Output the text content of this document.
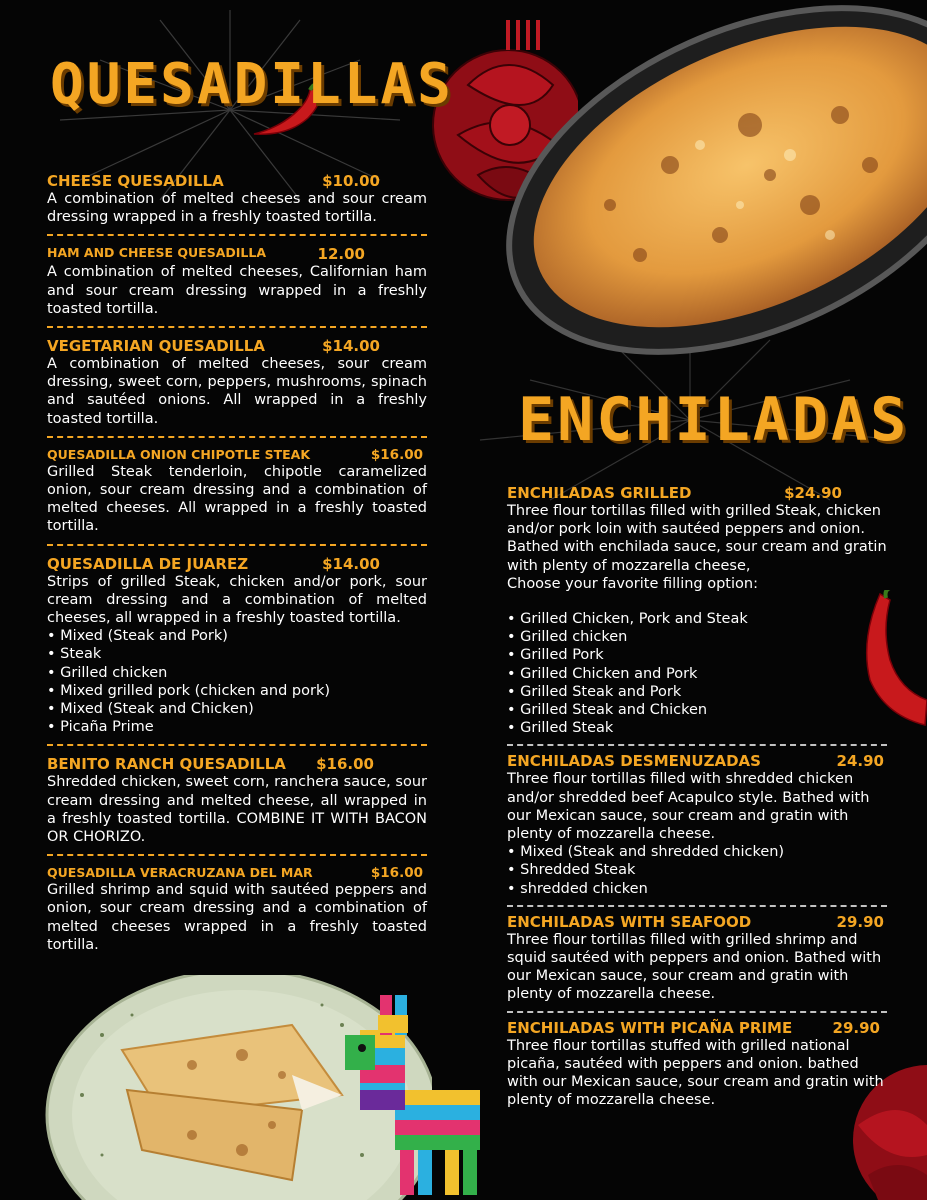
QUESADILLAS
ENCHILADAS
CHEESE QUESADILLA	$10.00
A combination of melted cheeses and sour cream dressing wrapped in a freshly toasted tortilla.
HAM AND CHEESE QUESADILLA	12.00
A combination of melted cheeses, Californian ham and sour cream dressing wrapped in a freshly toasted tortilla.
VEGETARIAN QUESADILLA	$14.00
A combination of melted cheeses, sour cream dressing, sweet corn, peppers, mushrooms, spinach and sautéed onions. All wrapped in a freshly toasted tortilla.
QUESADILLA ONION CHIPOTLE STEAK	$16.00
Grilled Steak tenderloin, chipotle caramelized onion, sour cream dressing and a combination of melted cheeses. All wrapped in a freshly toasted tortilla.
QUESADILLA DE JUAREZ	$14.00
Strips of grilled Steak, chicken and/or pork, sour cream dressing and a combination of melted cheeses, all wrapped in a freshly toasted tortilla.
• Mixed (Steak and Pork)
• Steak
• Grilled chicken
• Mixed grilled pork (chicken and pork)
• Mixed (Steak and Chicken)
• Picaña Prime
BENITO RANCH QUESADILLA $16.00
Shredded chicken, sweet corn, ranchera sauce, sour cream dressing and melted cheese, all wrapped in a freshly toasted tortilla. COMBINE IT WITH BACON OR CHORIZO.
QUESADILLA VERACRUZANA DEL MAR	$16.00
Grilled shrimp and squid with sautéed peppers and onion, sour cream dressing and a combination of melted cheeses wrapped in a freshly toasted tortilla.
ENCHILADAS GRILLED	$24.90
Three flour tortillas filled with grilled Steak, chicken and/or pork loin with sautéed peppers and onion. Bathed with enchilada sauce, sour cream and gratin with plenty of mozzarella cheese,
Choose your favorite filling option:
• Grilled Chicken, Pork and Steak
• Grilled chicken
• Grilled Pork
• Grilled Chicken and Pork
• Grilled Steak and Pork
• Grilled Steak and Chicken
• Grilled Steak
ENCHILADAS DESMENUZADAS	24.90
Three flour tortillas filled with shredded chicken and/or shredded beef Acapulco style. Bathed with our Mexican sauce, sour cream and gratin with plenty of mozzarella cheese.
• Mixed (Steak and shredded chicken)
• Shredded Steak
• shredded chicken
ENCHILADAS WITH SEAFOOD	29.90
Three flour tortillas filled with grilled shrimp and squid sautéed with peppers and onion. Bathed with our Mexican sauce, sour cream and gratin with plenty of mozzarella cheese.
ENCHILADAS WITH PICAÑA PRIME	29.90
Three flour tortillas stuffed with grilled national picaña, sautéed with peppers and onion. bathed with our Mexican sauce, sour cream and gratin with plenty of mozzarella cheese.
